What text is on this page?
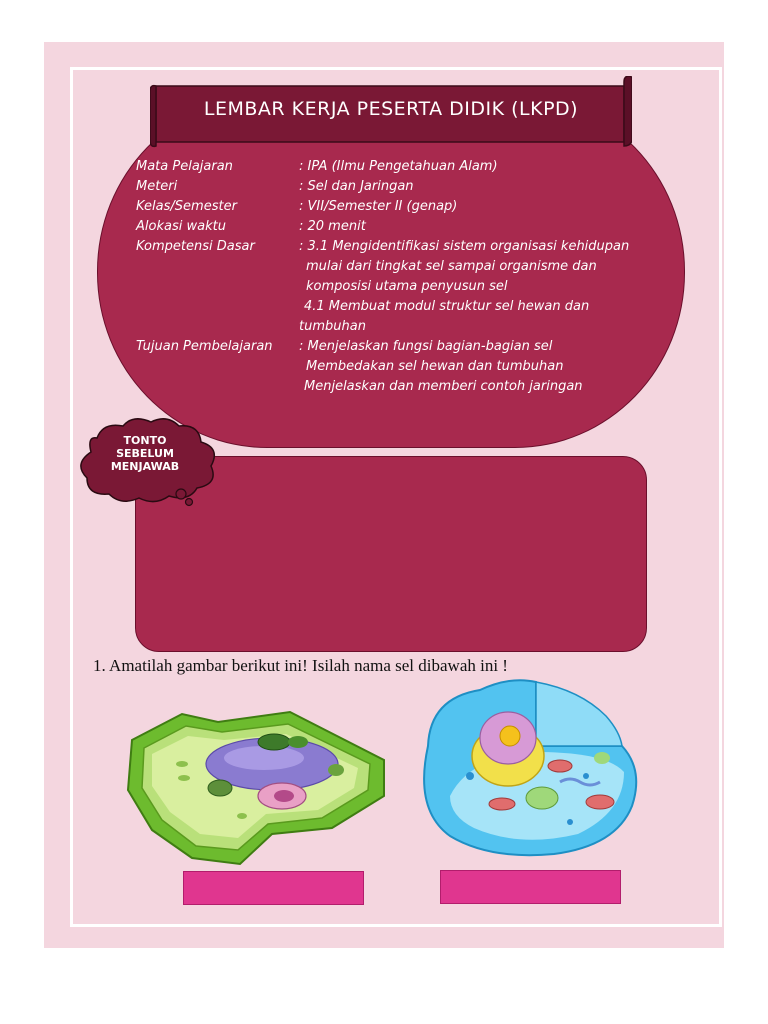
LEMBAR KERJA PESERTA DIDIK (LKPD)
Mata Pelajaran	: IPA (Ilmu Pengetahuan Alam)
Meteri	: Sel dan Jaringan
Kelas/Semester	: VII/Semester II (genap)
Alokasi waktu	: 20 menit
Kompetensi Dasar	: 3.1 Mengidentifikasi sistem organisasi kehidupan
mulai dari tingkat sel sampai organisme dan
komposisi utama penyusun sel
4.1 Membuat modul struktur sel hewan dan
tumbuhan
Tujuan Pembelajaran : Menjelaskan fungsi bagian-bagian sel
Membedakan sel hewan dan tumbuhan
Menjelaskan dan memberi contoh jaringan
TONTO
SEBELUM
MENJAWAB
1. Amatilah gambar berikut ini! Isilah nama sel dibawah ini !
